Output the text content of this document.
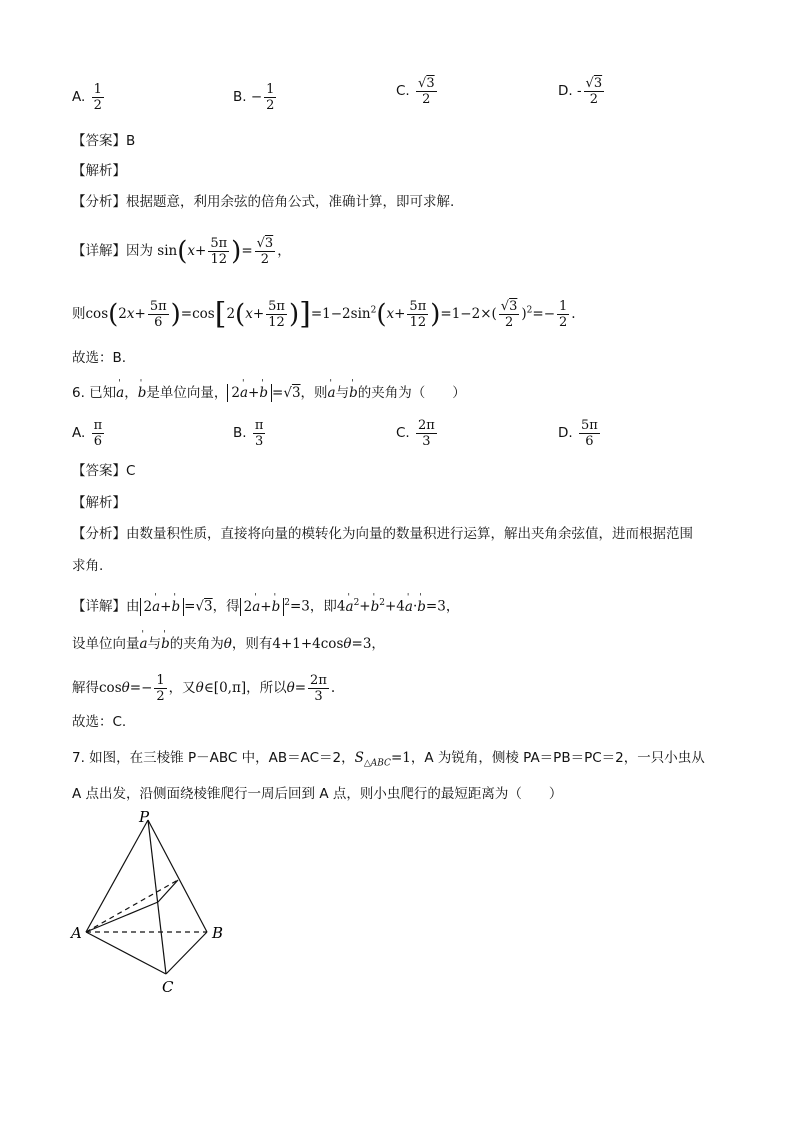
A. $\frac{1}{2}$	B. − $\frac{1}{2}$	C. $\frac{√3}{2}$	D. - $\frac{√3}{2}$
【答案】B
【解析】
【分析】根据题意，利用余弦的倍角公式，准确计算，即可求解.
【详解】因为 $\sin(x+ \frac{5\pi}{12}$ )= $\frac{√3}{2}$ ，
则$\cos(2x+ \frac{5\pi}{6} )=\cos[2(x+ \frac{5\pi}{12} )]=1-2\sin^2(x+ \frac{5\pi}{12} )=1-2\times( \frac{√3}{2} )^2=- \frac{1}{2}$ .
故选：B.
6. 已知' a，' b是单位向量， 2' a+' b =√3，则' a与' b的夹角为（　　）
A. $\frac{\pi}{6}$	B. $\frac{\pi}{3}$	C. $\frac{2\pi}{3}$	D. $\frac{5\pi}{6}$
【答案】C
【解析】
【分析】由数量积性质，直接将向量的模转化为向量的数量积进行运算，解出夹角余弦值，进而根据范围
求角.
【详解】由 2' a+' b =√3，得 2' a+' b $^2$=3，即4' $a^2+'$ $b^2+4'$ a·' b=3，
设单位向量' a与' b的夹角为θ，则有4+1+4cosθ=3，
解得$\cos\theta=- \frac{1}{2}$ ，又θ∈[0,π]，所以$\theta= \frac{2\pi}{3}$ .
故选：C.
7. 如图，在三棱锥 P－ABC 中，AB＝AC＝2，$S_{\triangle ABC}=1$，A 为锐角，侧棱 PA＝PB＝PC＝2，一只小虫从
A 点出发，沿侧面绕棱锥爬行一周后回到 A 点，则小虫爬行的最短距离为（　　）
P
A	B
C
